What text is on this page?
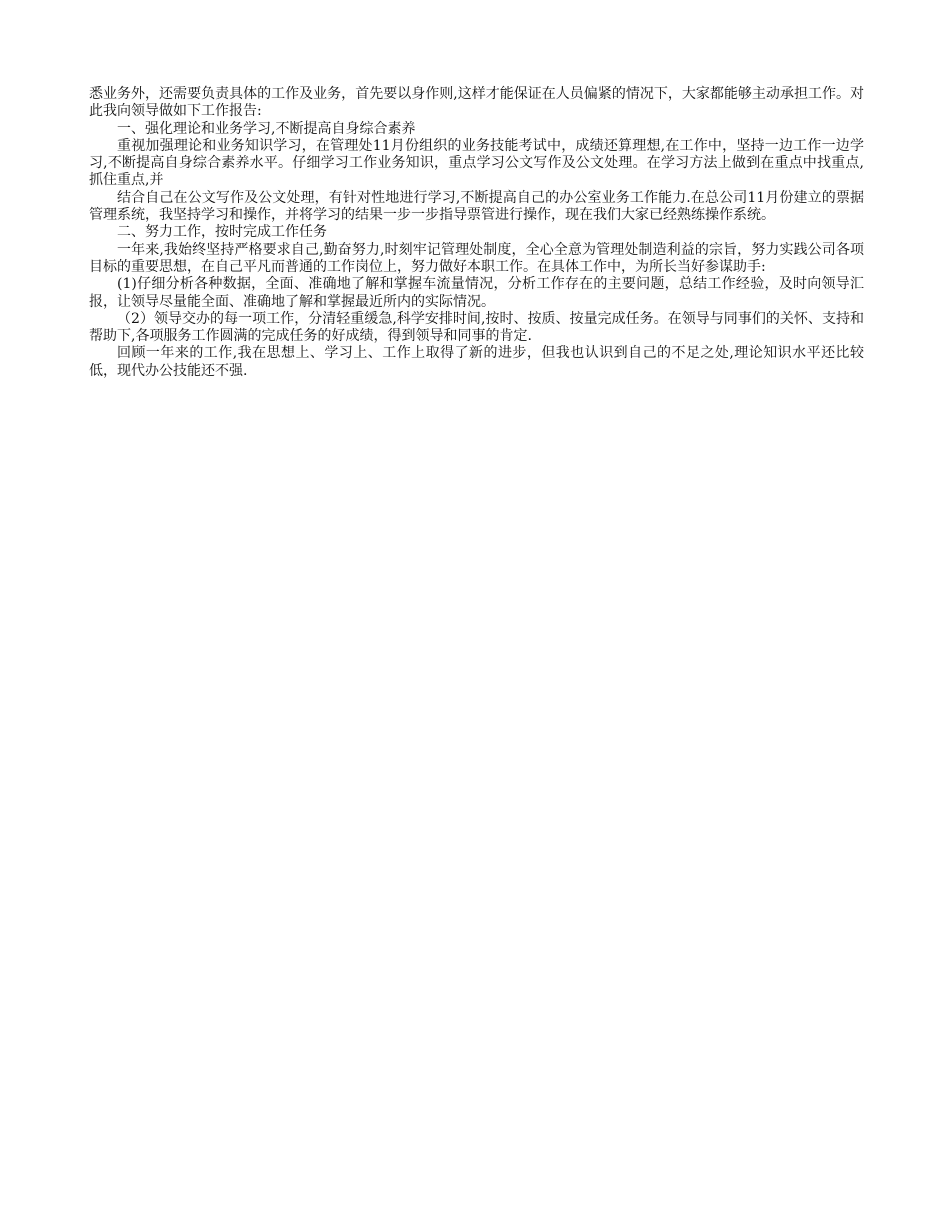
悉业务外，还需要负责具体的工作及业务，首先要以身作则,这样才能保证在人员偏紧的情况下，大家都能够主动承担工作。对此我向领导做如下工作报告:

一、强化理论和业务学习,不断提高自身综合素养

重视加强理论和业务知识学习，在管理处11月份组织的业务技能考试中，成绩还算理想,在工作中，坚持一边工作一边学习,不断提高自身综合素养水平。仔细学习工作业务知识，重点学习公文写作及公文处理。在学习方法上做到在重点中找重点,抓住重点,并

结合自己在公文写作及公文处理，有针对性地进行学习,不断提高自己的办公室业务工作能力.在总公司11月份建立的票据管理系统，我坚持学习和操作，并将学习的结果一步一步指导票管进行操作，现在我们大家已经熟练操作系统。

二、努力工作，按时完成工作任务

一年来,我始终坚持严格要求自己,勤奋努力,时刻牢记管理处制度，全心全意为管理处制造利益的宗旨，努力实践公司各项目标的重要思想，在自己平凡而普通的工作岗位上，努力做好本职工作。在具体工作中，为所长当好参谋助手:

(1)仔细分析各种数据，全面、准确地了解和掌握车流量情况，分析工作存在的主要问题，总结工作经验，及时向领导汇报，让领导尽量能全面、准确地了解和掌握最近所内的实际情况。

（2）领导交办的每一项工作，分清轻重缓急,科学安排时间,按时、按质、按量完成任务。在领导与同事们的关怀、支持和帮助下,各项服务工作圆满的完成任务的好成绩，得到领导和同事的肯定.

回顾一年来的工作,我在思想上、学习上、工作上取得了新的进步，但我也认识到自己的不足之处,理论知识水平还比较低，现代办公技能还不强.
